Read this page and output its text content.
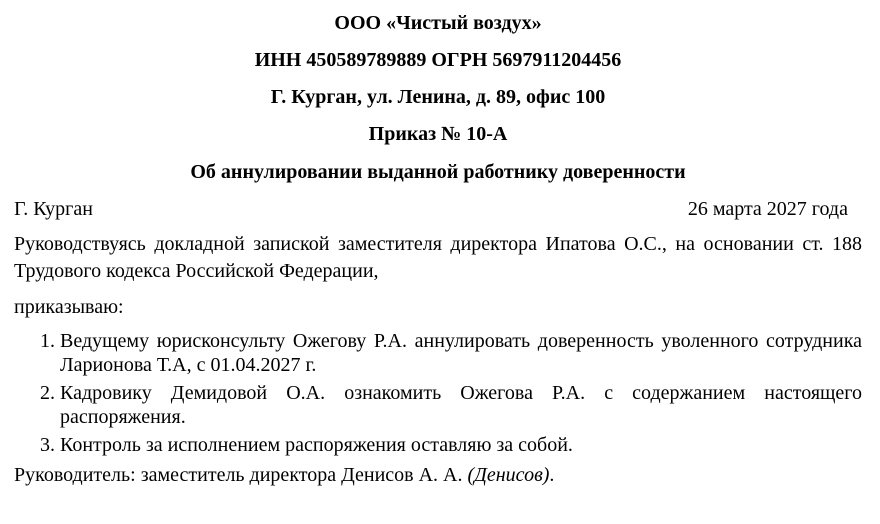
ООО «Чистый воздух»
ИНН 450589789889 ОГРН 5697911204456
Г. Курган, ул. Ленина, д. 89, офис 100
Приказ № 10-А
Об аннулировании выданной работнику доверенности
Г. Курган	26 марта 2027 года
Руководствуясь докладной запиской заместителя директора Ипатова О.С., на основании ст. 188 Трудового кодекса Российской Федерации,
приказываю:
1. Ведущему юрисконсульту Ожегову Р.А. аннулировать доверенность уволенного сотрудника Ларионова Т.А, с 01.04.2027 г.
2. Кадровику Демидовой О.А. ознакомить Ожегова Р.А. с содержанием настоящего распоряжения.
3. Контроль за исполнением распоряжения оставляю за собой.
Руководитель: заместитель директора Денисов А. А. (Денисов).
